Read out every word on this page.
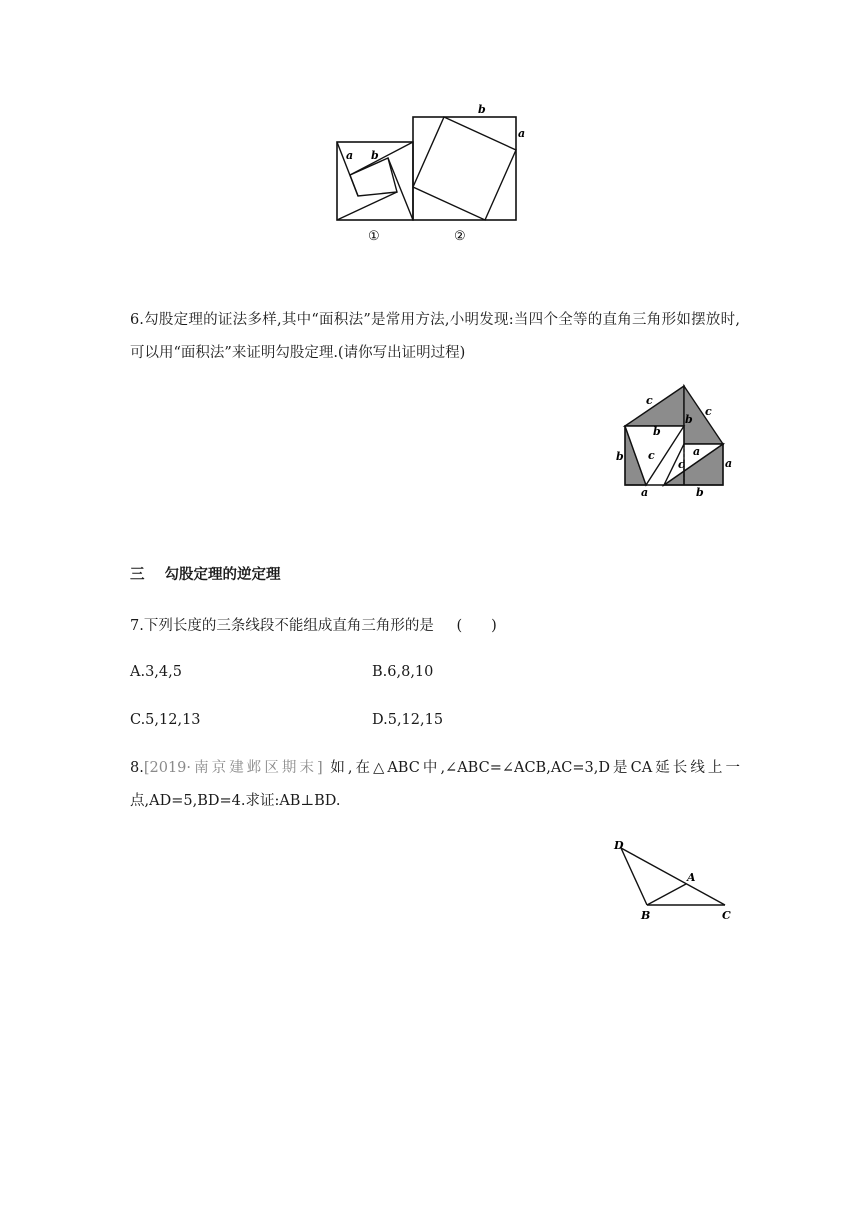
a b
b
a
①	②
6.勾股定理的证法多样,其中“面积法”是常用方法,小明发现:当四个全等的直角三角形如摆放时,可以用“面积法”来证明勾股定理.(请你写出证明过程)
c
c
b
b
c	a
c
b
a
a	b
三 勾股定理的逆定理
7.下列长度的三条线段不能组成直角三角形的是 (　　)
A.3,4,5	B.6,8,10
C.5,12,13	D.5,12,15
8.[2019·南京建邺区期末] 如,在△ABC中,∠ABC=∠ACB,AC=3,D是CA延长线上一
点,AD=5,BD=4.求证:AB⊥BD.
D
A
B	C
